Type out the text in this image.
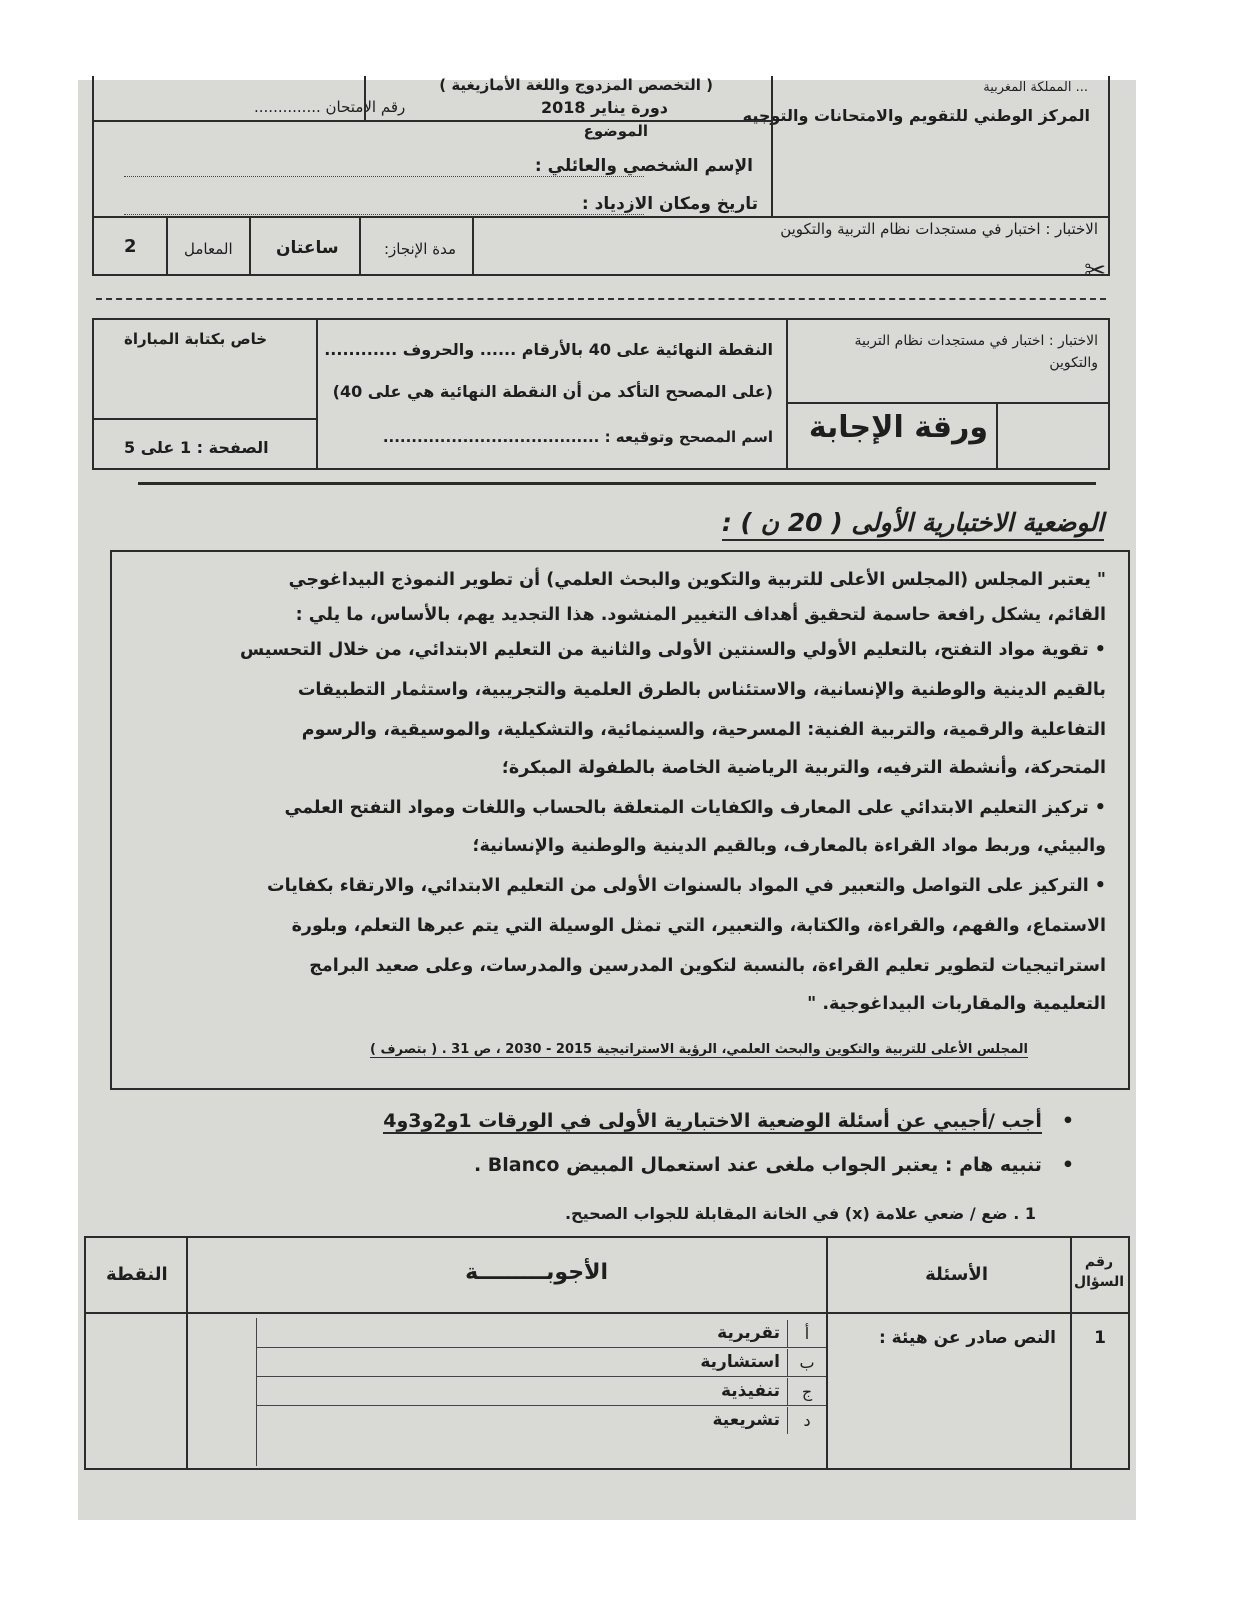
... المملكة المغربية
المركز الوطني للتقويم والامتحانات والتوجيه
الاختبار : اختبار في مستجدات نظام التربية والتكوين
( التخصص المزدوج واللغة الأمازيغية )
دورة يناير 2018
الموضوع
رقم الامتحان ..............
الإسم الشخصي والعائلي :
تاريخ ومكان الازدياد :
مدة الإنجاز:
ساعتان
المعامل
2
✂
الاختبار : اختبار في مستجدات نظام التربية والتكوين
ورقة الإجابة
النقطة النهائية على 40 بالأرقام ...... والحروف ............
(على المصحح التأكد من أن النقطة النهائية هي على 40)
اسم المصحح وتوقيعه : ......................................
خاص بكتابة المباراة
الصفحة : 1 على 5
الوضعية الاختبارية الأولى ( 20 ن ) :
" يعتبر المجلس (المجلس الأعلى للتربية والتكوين والبحث العلمي) أن تطوير النموذج البيداغوجي
القائم، يشكل رافعة حاسمة لتحقيق أهداف التغيير المنشود. هذا التجديد يهم، بالأساس، ما يلي :
• تقوية مواد التفتح، بالتعليم الأولي والسنتين الأولى والثانية من التعليم الابتدائي، من خلال التحسيس
بالقيم الدينية والوطنية والإنسانية، والاستئناس بالطرق العلمية والتجريبية، واستثمار التطبيقات
التفاعلية والرقمية، والتربية الفنية: المسرحية، والسينمائية، والتشكيلية، والموسيقية، والرسوم
المتحركة، وأنشطة الترفيه، والتربية الرياضية الخاصة بالطفولة المبكرة؛
• تركيز التعليم الابتدائي على المعارف والكفايات المتعلقة بالحساب واللغات ومواد التفتح العلمي
والبيئي، وربط مواد القراءة بالمعارف، وبالقيم الدينية والوطنية والإنسانية؛
• التركيز على التواصل والتعبير في المواد بالسنوات الأولى من التعليم الابتدائي، والارتقاء بكفايات
الاستماع، والفهم، والقراءة، والكتابة، والتعبير، التي تمثل الوسيلة التي يتم عبرها التعلم، وبلورة
استراتيجيات لتطوير تعليم القراءة، بالنسبة لتكوين المدرسين والمدرسات، وعلى صعيد البرامج
التعليمية والمقاربات البيداغوجية. "
المجلس الأعلى للتربية والتكوين والبحث العلمي، الرؤية الاستراتيجية 2015 - 2030 ، ص 31 . ( بتصرف )
•أجب /أجيبي عن أسئلة الوضعية الاختبارية الأولى في الورقات 1و2و3و4
•تنبيه هام : يعتبر الجواب ملغى عند استعمال المبيض Blanco .
1 . ضع / ضعي علامة (x) في الخانة المقابلة للجواب الصحيح.
رقم السؤال
الأسئلة
الأجوبـــــــــة
النقطة
1
النص صادر عن هيئة :
أ
تقريرية
ب
استشارية
ج
تنفيذية
د
تشريعية
